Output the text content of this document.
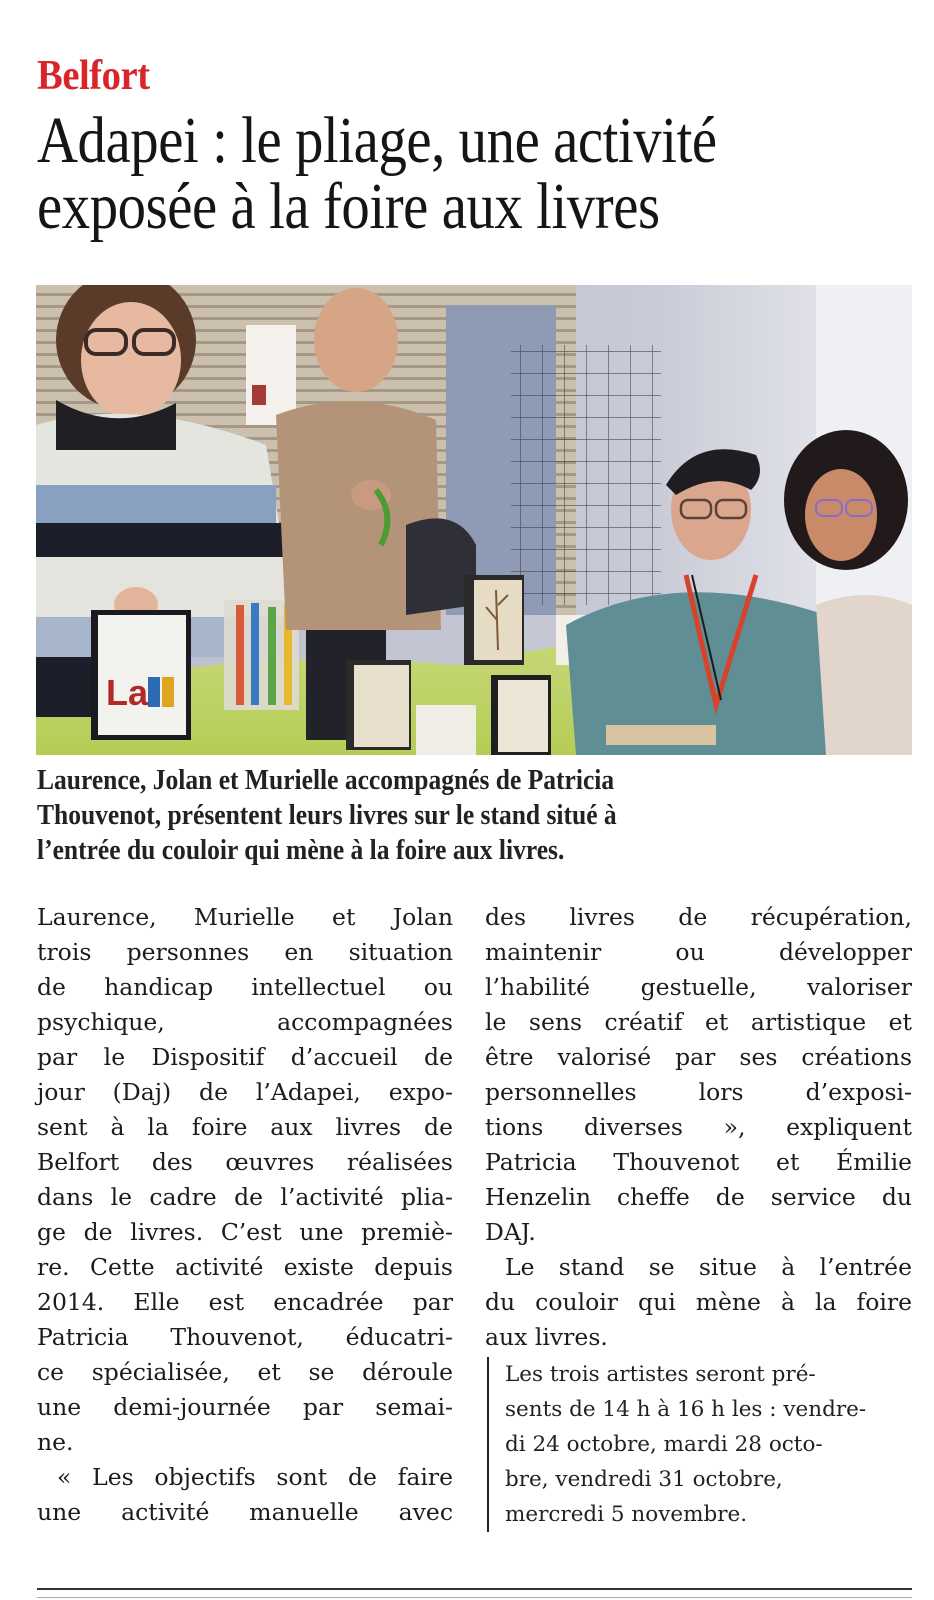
Belfort
Adapei : le pliage, une activité
exposée à la foire aux livres
La
Laurence, Jolan et Murielle accompagnés de Patricia
Thouvenot, présentent leurs livres sur le stand situé à
l’entrée du couloir qui mène à la foire aux livres.
Laurence, Murielle et Jolan
trois personnes en situation
de handicap intellectuel ou
psychique, accompagnées
par le Dispositif d’accueil de
jour (Daj) de l’Adapei, expo-
sent à la foire aux livres de
Belfort des œuvres réalisées
dans le cadre de l’activité plia-
ge de livres. C’est une premiè-
re. Cette activité existe depuis
2014. Elle est encadrée par
Patricia Thouvenot, éducatri-
ce spécialisée, et se déroule
une demi-journée par semai-
ne.
« Les objectifs sont de faire
une activité manuelle avec
des livres de récupération,
maintenir ou développer
l’habilité gestuelle, valoriser
le sens créatif et artistique et
être valorisé par ses créations
personnelles lors d’exposi-
tions diverses », expliquent
Patricia Thouvenot et Émilie
Henzelin cheffe de service du
DAJ.
Le stand se situe à l’entrée
du couloir qui mène à la foire
aux livres.
Les trois artistes seront pré-
sents de 14 h à 16 h les : vendre-
di 24 octobre, mardi 28 octo-
bre, vendredi 31 octobre,
mercredi 5 novembre.
